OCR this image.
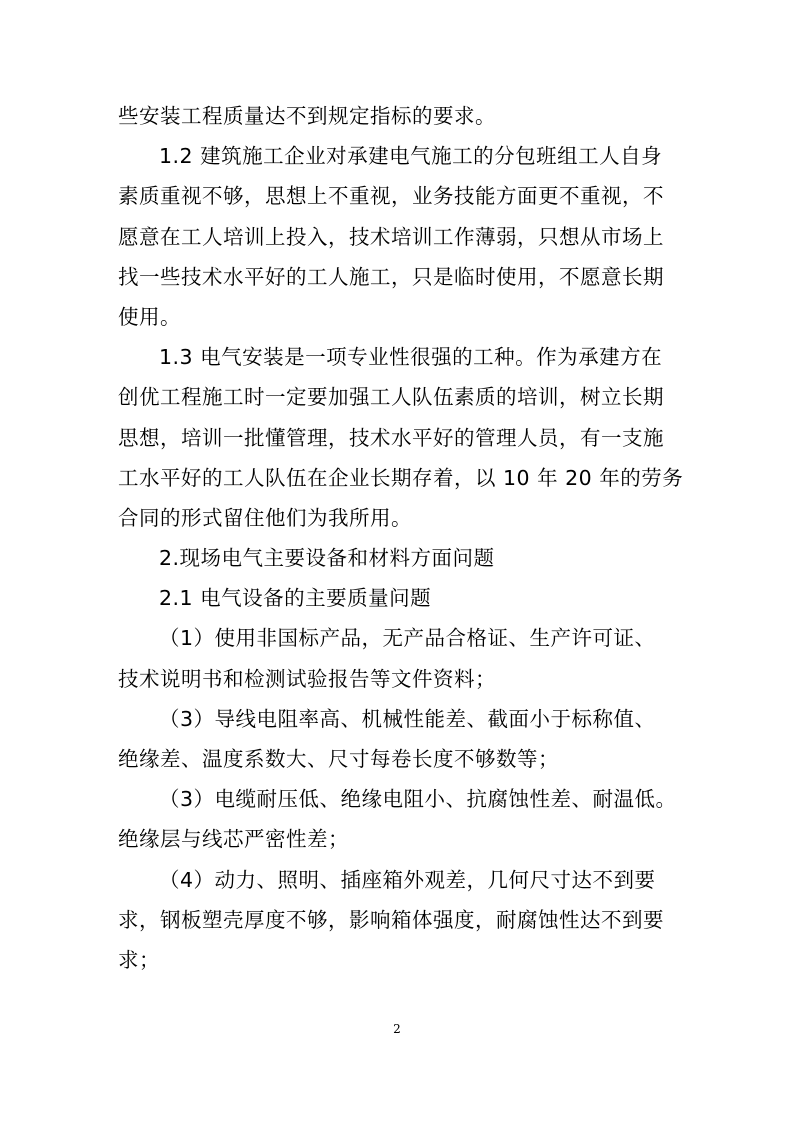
些安装工程质量达不到规定指标的要求。
1.2 建筑施工企业对承建电气施工的分包班组工人自身
素质重视不够，思想上不重视，业务技能方面更不重视，不
愿意在工人培训上投入，技术培训工作薄弱，只想从市场上
找一些技术水平好的工人施工，只是临时使用，不愿意长期
使用。
1.3 电气安装是一项专业性很强的工种。作为承建方在
创优工程施工时一定要加强工人队伍素质的培训，树立长期
思想，培训一批懂管理，技术水平好的管理人员，有一支施
工水平好的工人队伍在企业长期存着，以 10 年 20 年的劳务
合同的形式留住他们为我所用。
2.现场电气主要设备和材料方面问题
2.1 电气设备的主要质量问题
（1）使用非国标产品，无产品合格证、生产许可证、
技术说明书和检测试验报告等文件资料；
（3）导线电阻率高、机械性能差、截面小于标称值、
绝缘差、温度系数大、尺寸每卷长度不够数等；
（3）电缆耐压低、绝缘电阻小、抗腐蚀性差、耐温低。
绝缘层与线芯严密性差；
（4）动力、照明、插座箱外观差，几何尺寸达不到要
求，钢板塑壳厚度不够，影响箱体强度，耐腐蚀性达不到要
求；
2
